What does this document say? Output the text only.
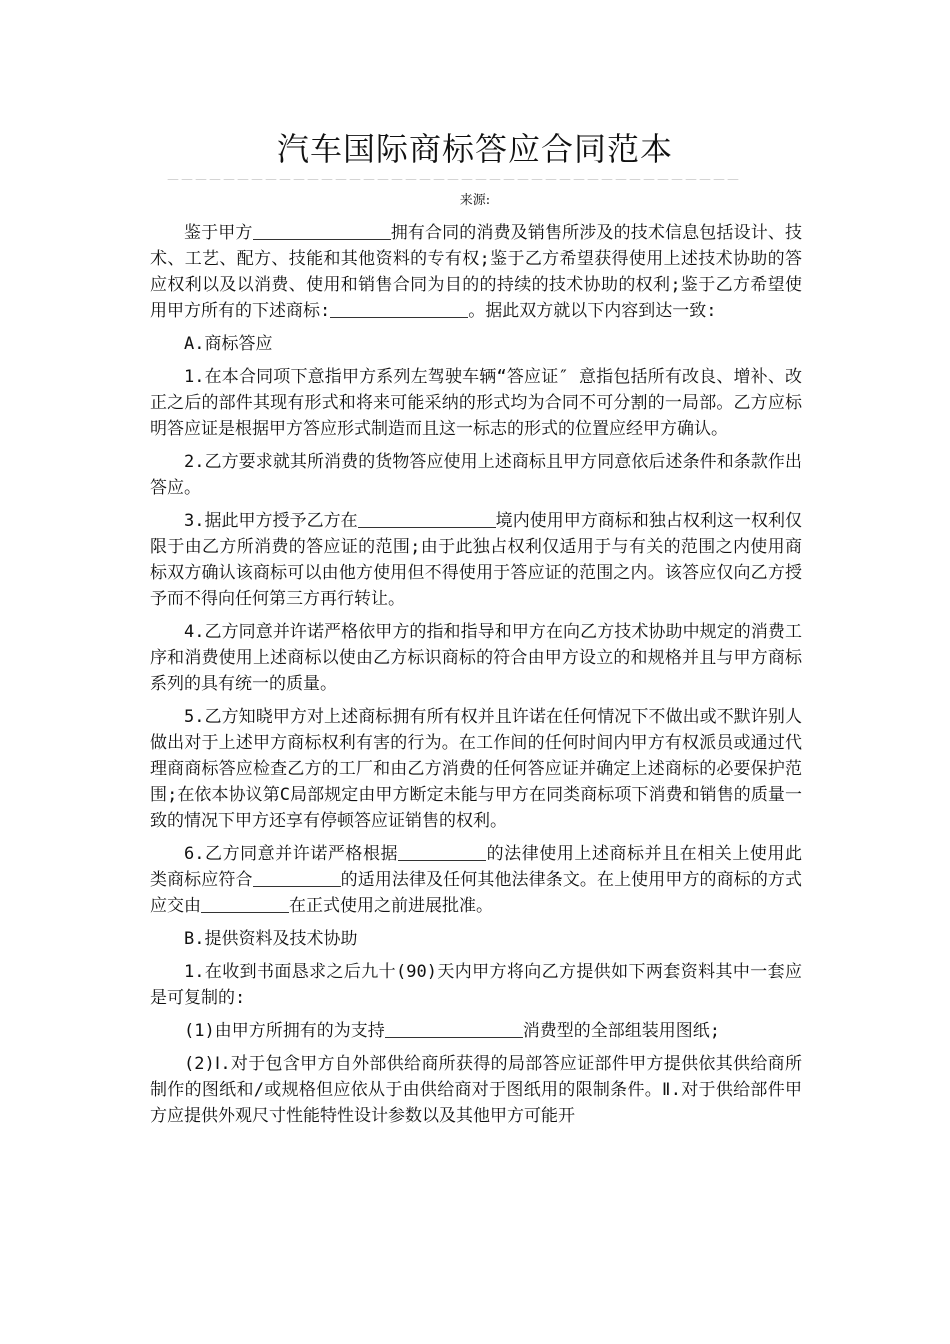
汽车国际商标答应合同范本
－－－－－－－－－－－－－－－－－－－－－－－－－－－－－－－－－－－－－－－－－
来源:

鉴于甲方	拥有合同的消费及销售所涉及的技术信息包括设计、技术、工艺、配方、技能和其他资料的专有权;鉴于乙方希望获得使用上述技术协助的答应权利以及以消费、使用和销售合同为目的的持续的技术协助的权利;鉴于乙方希望使用甲方所有的下述商标:	。据此双方就以下内容到达一致:

A.商标答应

1.在本合同项下意指甲方系列左驾驶车辆“答应证″ 意指包括所有改良、增补、改正之后的部件其现有形式和将来可能采纳的形式均为合同不可分割的一局部。乙方应标明答应证是根据甲方答应形式制造而且这一标志的形式的位置应经甲方确认。

2.乙方要求就其所消费的货物答应使用上述商标且甲方同意依后述条件和条款作出答应。

3.据此甲方授予乙方在	境内使用甲方商标和独占权利这一权利仅限于由乙方所消费的答应证的范围;由于此独占权利仅适用于与有关的范围之内使用商标双方确认该商标可以由他方使用但不得使用于答应证的范围之内。该答应仅向乙方授予而不得向任何第三方再行转让。

4.乙方同意并许诺严格依甲方的指和指导和甲方在向乙方技术协助中规定的消费工序和消费使用上述商标以使由乙方标识商标的符合由甲方设立的和规格并且与甲方商标系列的具有统一的质量。

5.乙方知晓甲方对上述商标拥有所有权并且许诺在任何情况下不做出或不默许别人做出对于上述甲方商标权利有害的行为。在工作间的任何时间内甲方有权派员或通过代理商商标答应检查乙方的工厂和由乙方消费的任何答应证并确定上述商标的必要保护范围;在依本协议第C局部规定由甲方断定未能与甲方在同类商标项下消费和销售的质量一致的情况下甲方还享有停顿答应证销售的权利。

6.乙方同意并许诺严格根据	的法律使用上述商标并且在相关上使用此类商标应符合	的适用法律及任何其他法律条文。在上使用甲方的商标的方式应交由	在正式使用之前进展批准。

B.提供资料及技术协助

1.在收到书面恳求之后九十(90)天内甲方将向乙方提供如下两套资料其中一套应是可复制的:

(1)由甲方所拥有的为支持	消费型的全部组装用图纸;

(2)Ⅰ.对于包含甲方自外部供给商所获得的局部答应证部件甲方提供依其供给商所制作的图纸和/或规格但应依从于由供给商对于图纸用的限制条件。Ⅱ.对于供给部件甲方应提供外观尺寸性能特性设计参数以及其他甲方可能开
